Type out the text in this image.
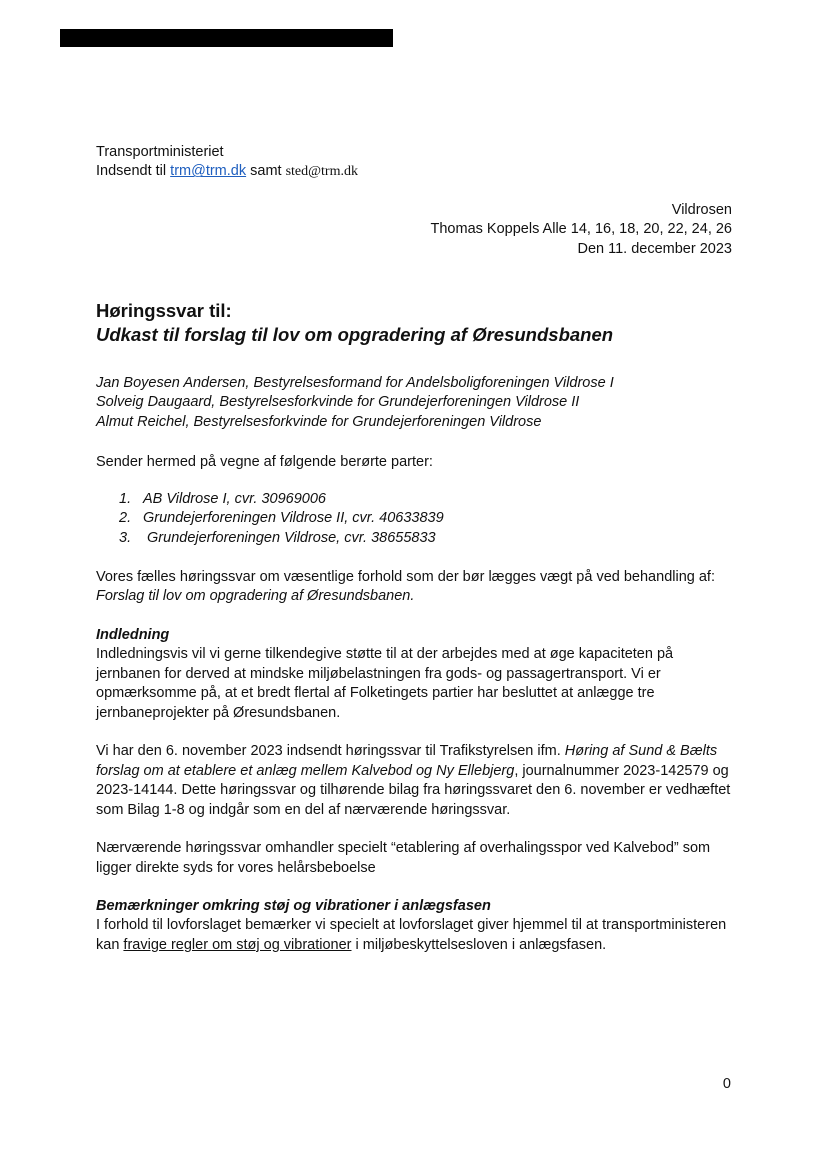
Transportministeriet

Indsendt til trm@trm.dk samt sted@trm.dk

Vildrosen

Thomas Koppels Alle 14, 16, 18, 20, 22, 24, 26

Den 11. december 2023

Høringssvar til:
Udkast til forslag til lov om opgradering af Øresundsbanen

Jan Boyesen Andersen, Bestyrelsesformand for Andelsboligforeningen Vildrose I

Solveig Daugaard, Bestyrelsesforkvinde for Grundejerforeningen Vildrose II

Almut Reichel, Bestyrelsesforkvinde for Grundejerforeningen Vildrose

Sender hermed på vegne af følgende berørte parter:

1. AB Vildrose I, cvr. 30969006
2. Grundejerforeningen Vildrose II, cvr. 40633839
3. Grundejerforeningen Vildrose, cvr. 38655833

Vores fælles høringssvar om væsentlige forhold som der bør lægges vægt på ved behandling af:

Forslag til lov om opgradering af Øresundsbanen.

Indledning

Indledningsvis vil vi gerne tilkendegive støtte til at der arbejdes med at øge kapaciteten på jernbanen for derved at mindske miljøbelastningen fra gods- og passagertransport. Vi er opmærksomme på, at et bredt flertal af Folketingets partier har besluttet at anlægge tre jernbaneprojekter på Øresundsbanen.

Vi har den 6. november 2023 indsendt høringssvar til Trafikstyrelsen ifm. Høring af Sund & Bælts forslag om at etablere et anlæg mellem Kalvebod og Ny Ellebjerg, journalnummer 2023-142579 og 2023-14144. Dette høringssvar og tilhørende bilag fra høringssvaret den 6. november er vedhæftet som Bilag 1-8 og indgår som en del af nærværende høringssvar.

Nærværende høringssvar omhandler specielt “etablering af overhalingsspor ved Kalvebod” som ligger direkte syds for vores helårsbeboelse

Bemærkninger omkring støj og vibrationer i anlægsfasen

I forhold til lovforslaget bemærker vi specielt at lovforslaget giver hjemmel til at transportministeren kan fravige regler om støj og vibrationer i miljøbeskyttelsesloven i anlægsfasen.

0
